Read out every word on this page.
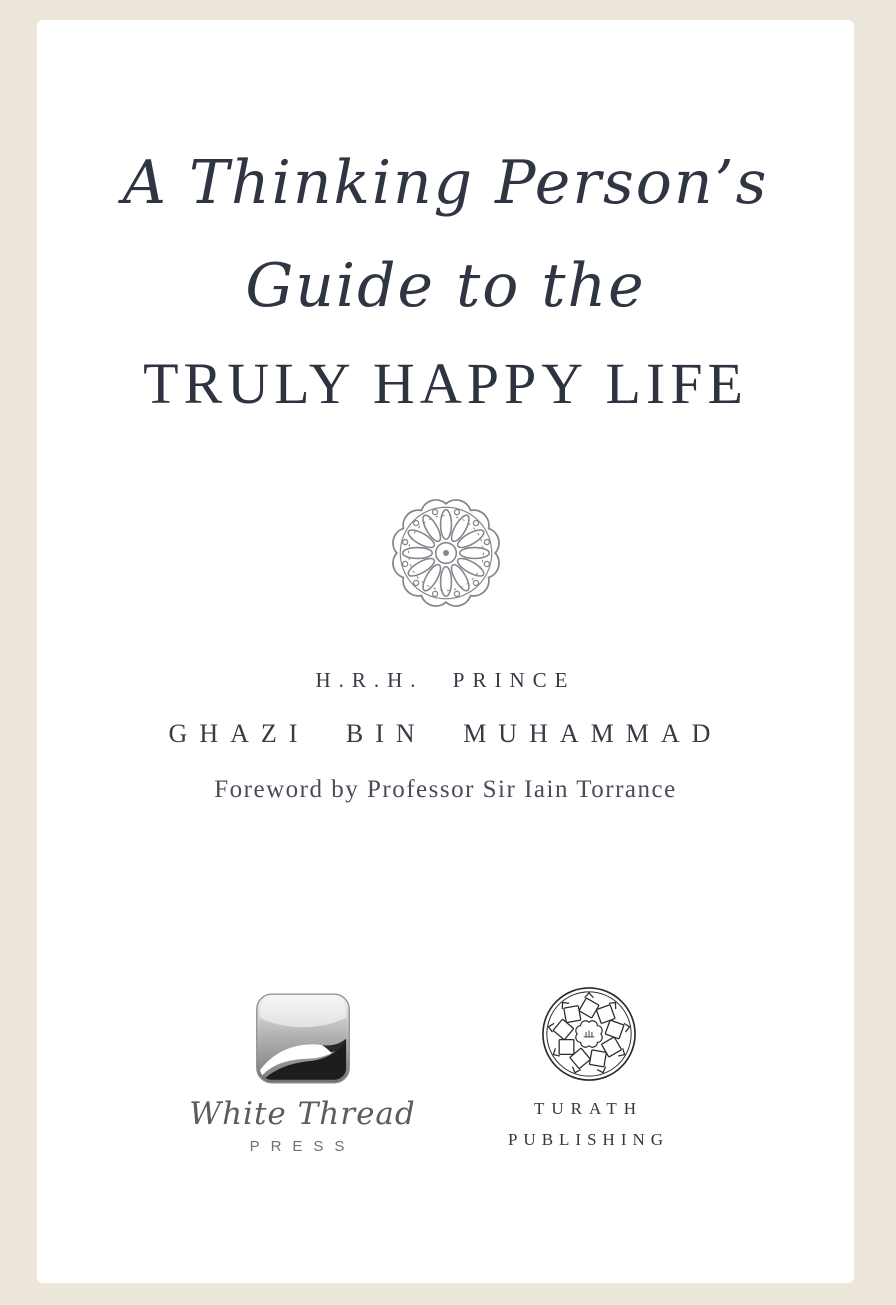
A Thinking Person’s
Guide to the
TRULY HAPPY LIFE
H.R.H. PRINCE
GHAZI BIN MUHAMMAD
Foreword by Professor Sir Iain Torrance
White Thread
PRESS
TURATH
PUBLISHING
